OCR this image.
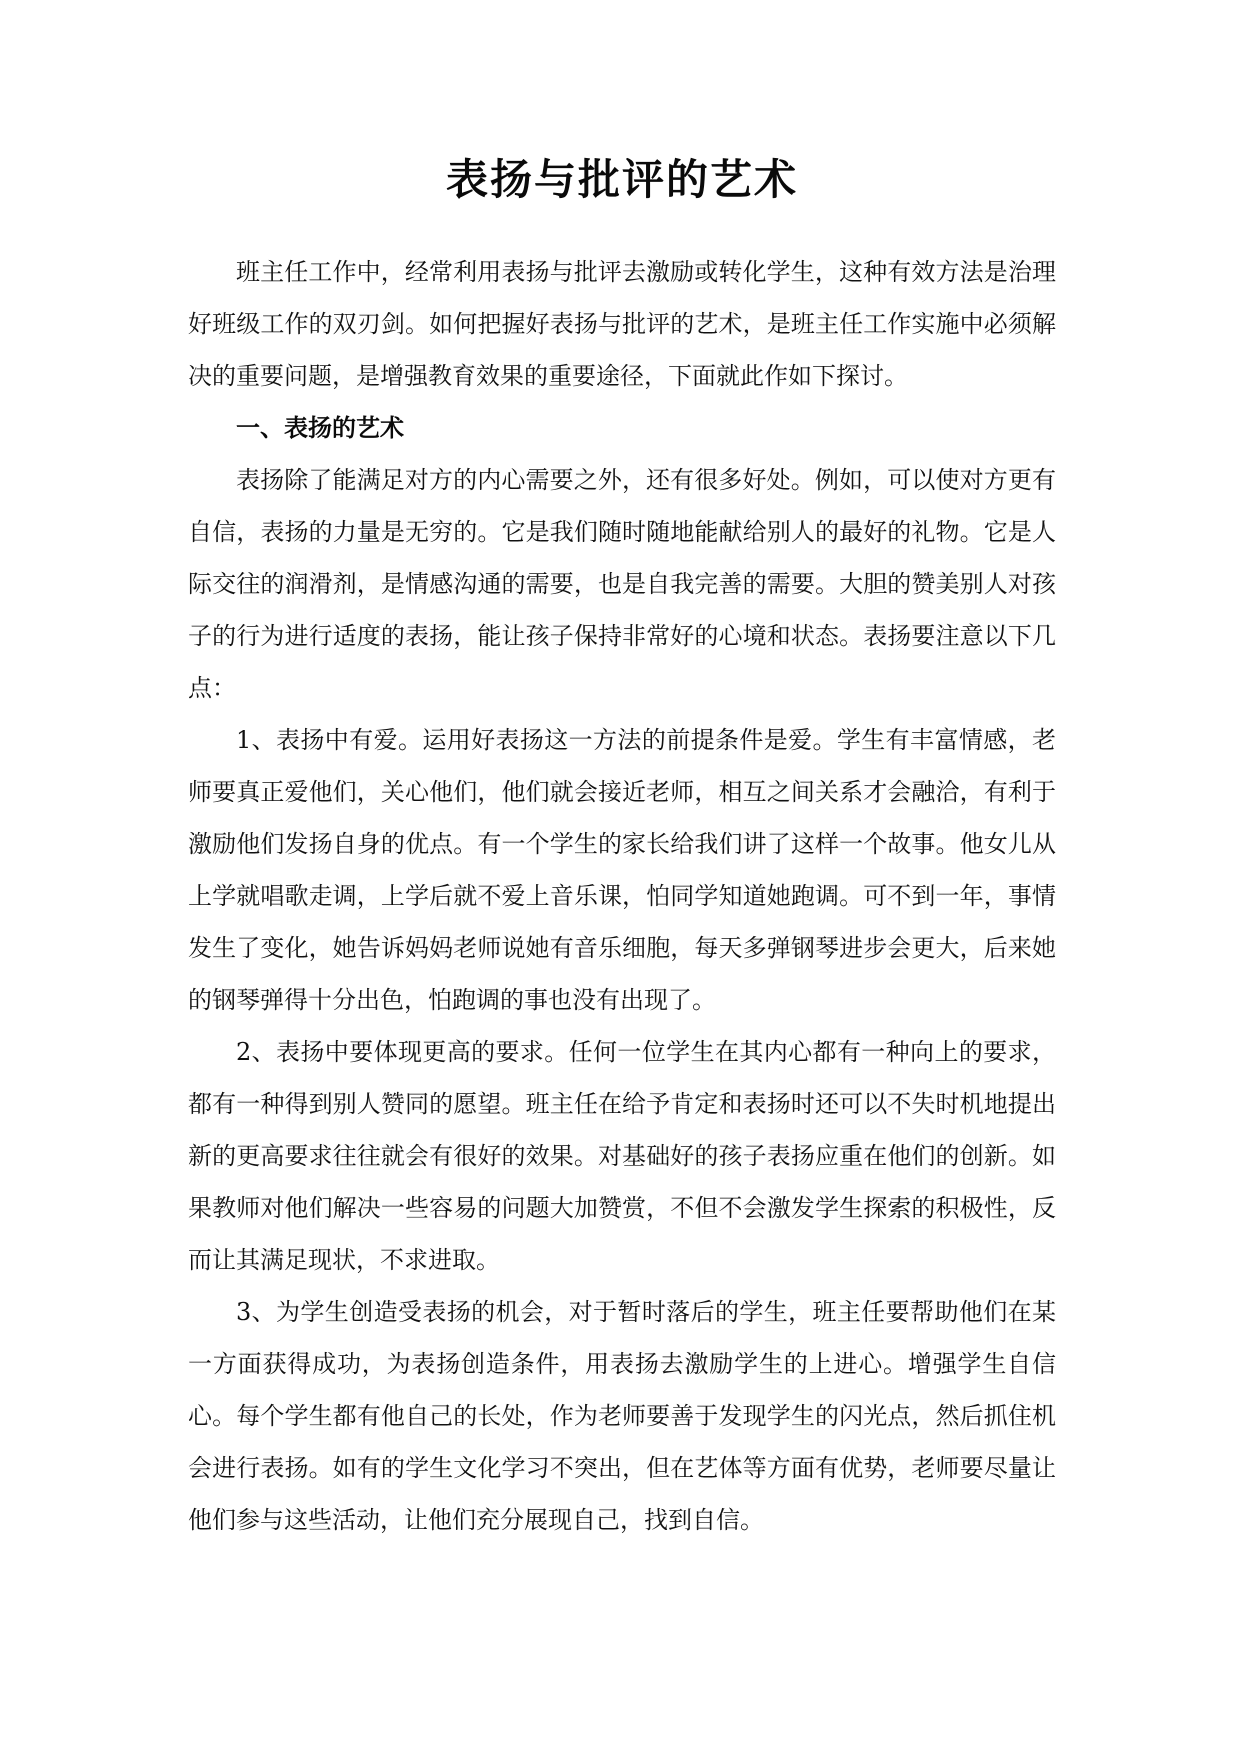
表扬与批评的艺术

班主任工作中，经常利用表扬与批评去激励或转化学生，这种有效方法是治理好班级工作的双刃剑。如何把握好表扬与批评的艺术，是班主任工作实施中必须解决的重要问题，是增强教育效果的重要途径，下面就此作如下探讨。

一、表扬的艺术

表扬除了能满足对方的内心需要之外，还有很多好处。例如，可以使对方更有自信，表扬的力量是无穷的。它是我们随时随地能献给别人的最好的礼物。它是人际交往的润滑剂，是情感沟通的需要，也是自我完善的需要。大胆的赞美别人对孩子的行为进行适度的表扬，能让孩子保持非常好的心境和状态。表扬要注意以下几点：

1、表扬中有爱。运用好表扬这一方法的前提条件是爱。学生有丰富情感，老师要真正爱他们，关心他们，他们就会接近老师，相互之间关系才会融洽，有利于激励他们发扬自身的优点。有一个学生的家长给我们讲了这样一个故事。他女儿从上学就唱歌走调，上学后就不爱上音乐课，怕同学知道她跑调。可不到一年，事情发生了变化，她告诉妈妈老师说她有音乐细胞，每天多弹钢琴进步会更大，后来她的钢琴弹得十分出色，怕跑调的事也没有出现了。

2、表扬中要体现更高的要求。任何一位学生在其内心都有一种向上的要求，都有一种得到别人赞同的愿望。班主任在给予肯定和表扬时还可以不失时机地提出新的更高要求往往就会有很好的效果。对基础好的孩子表扬应重在他们的创新。如果教师对他们解决一些容易的问题大加赞赏，不但不会激发学生探索的积极性，反而让其满足现状，不求进取。

3、为学生创造受表扬的机会，对于暂时落后的学生，班主任要帮助他们在某一方面获得成功，为表扬创造条件，用表扬去激励学生的上进心。增强学生自信心。每个学生都有他自己的长处，作为老师要善于发现学生的闪光点，然后抓住机会进行表扬。如有的学生文化学习不突出，但在艺体等方面有优势，老师要尽量让他们参与这些活动，让他们充分展现自己，找到自信。
